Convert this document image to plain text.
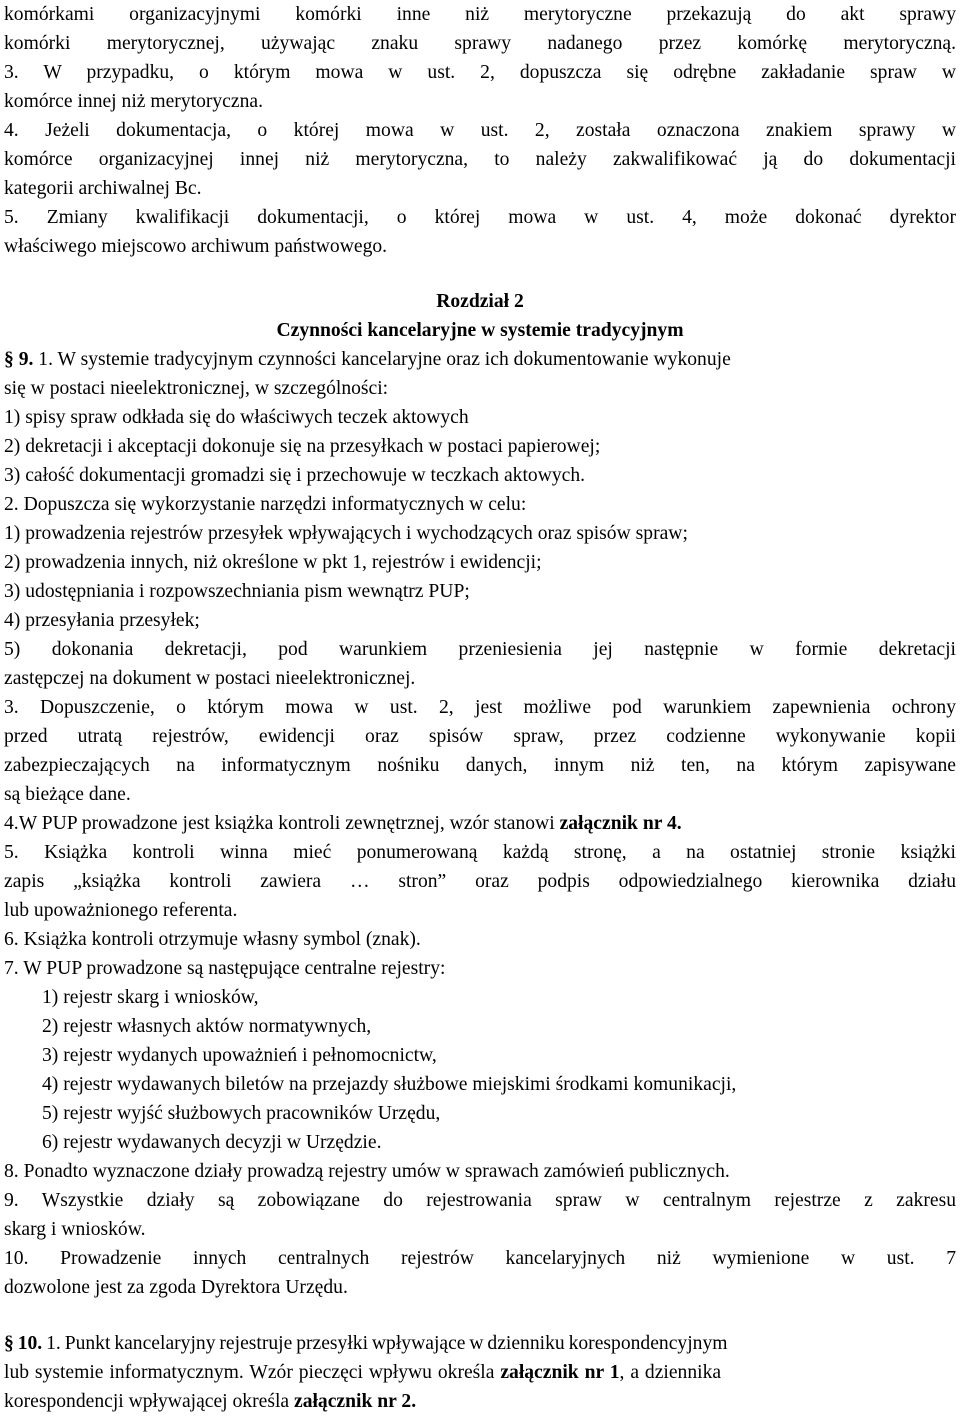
komórkami organizacyjnymi komórki inne niż merytoryczne przekazują do akt sprawy
komórki merytorycznej, używając znaku sprawy nadanego przez komórkę merytoryczną.
3. W przypadku, o którym mowa w ust. 2, dopuszcza się odrębne zakładanie spraw w
komórce innej niż merytoryczna.
4. Jeżeli dokumentacja, o której mowa w ust. 2, została oznaczona znakiem sprawy w
komórce organizacyjnej innej niż merytoryczna, to należy zakwalifikować ją do dokumentacji
kategorii archiwalnej Bc.
5. Zmiany kwalifikacji dokumentacji, o której mowa w ust. 4, może dokonać dyrektor
właściwego miejscowo archiwum państwowego.
Rozdział 2
Czynności kancelaryjne w systemie tradycyjnym
§ 9. 1. W systemie tradycyjnym czynności kancelaryjne oraz ich dokumentowanie wykonuje
się w postaci nieelektronicznej, w szczególności:
1) spisy spraw odkłada się do właściwych teczek aktowych
2) dekretacji i akceptacji dokonuje się na przesyłkach w postaci papierowej;
3) całość dokumentacji gromadzi się i przechowuje w teczkach aktowych.
2. Dopuszcza się wykorzystanie narzędzi informatycznych w celu:
1) prowadzenia rejestrów przesyłek wpływających i wychodzących oraz spisów spraw;
2) prowadzenia innych, niż określone w pkt 1, rejestrów i ewidencji;
3) udostępniania i rozpowszechniania pism wewnątrz PUP;
4) przesyłania przesyłek;
5) dokonania dekretacji, pod warunkiem przeniesienia jej następnie w formie dekretacji
zastępczej na dokument w postaci nieelektronicznej.
3. Dopuszczenie, o którym mowa w ust. 2, jest możliwe pod warunkiem zapewnienia ochrony
przed utratą rejestrów, ewidencji oraz spisów spraw, przez codzienne wykonywanie kopii
zabezpieczających na informatycznym nośniku danych, innym niż ten, na którym zapisywane
są bieżące dane.
4.W PUP prowadzone jest książka kontroli zewnętrznej, wzór stanowi załącznik nr 4.
5. Książka kontroli winna mieć ponumerowaną każdą stronę, a na ostatniej stronie książki
zapis „książka kontroli zawiera … stron” oraz podpis odpowiedzialnego kierownika działu
lub upoważnionego referenta.
6. Książka kontroli otrzymuje własny symbol (znak).
7. W PUP prowadzone są następujące centralne rejestry:
1) rejestr skarg i wniosków,
2) rejestr własnych aktów normatywnych,
3) rejestr wydanych upoważnień i pełnomocnictw,
4) rejestr wydawanych biletów na przejazdy służbowe miejskimi środkami komunikacji,
5) rejestr wyjść służbowych pracowników Urzędu,
6) rejestr wydawanych decyzji w Urzędzie.
8. Ponadto wyznaczone działy prowadzą rejestry umów w sprawach zamówień publicznych.
9. Wszystkie działy są zobowiązane do rejestrowania spraw w centralnym rejestrze z zakresu
skarg i wniosków.
10. Prowadzenie innych centralnych rejestrów kancelaryjnych niż wymienione w ust. 7
dozwolone jest za zgoda Dyrektora Urzędu.
§ 10. 1. Punkt kancelaryjny rejestruje przesyłki wpływające w dzienniku korespondencyjnym
lub systemie informatycznym. Wzór pieczęci wpływu określa załącznik nr 1, a dziennika
korespondencji wpływającej określa załącznik nr 2.
